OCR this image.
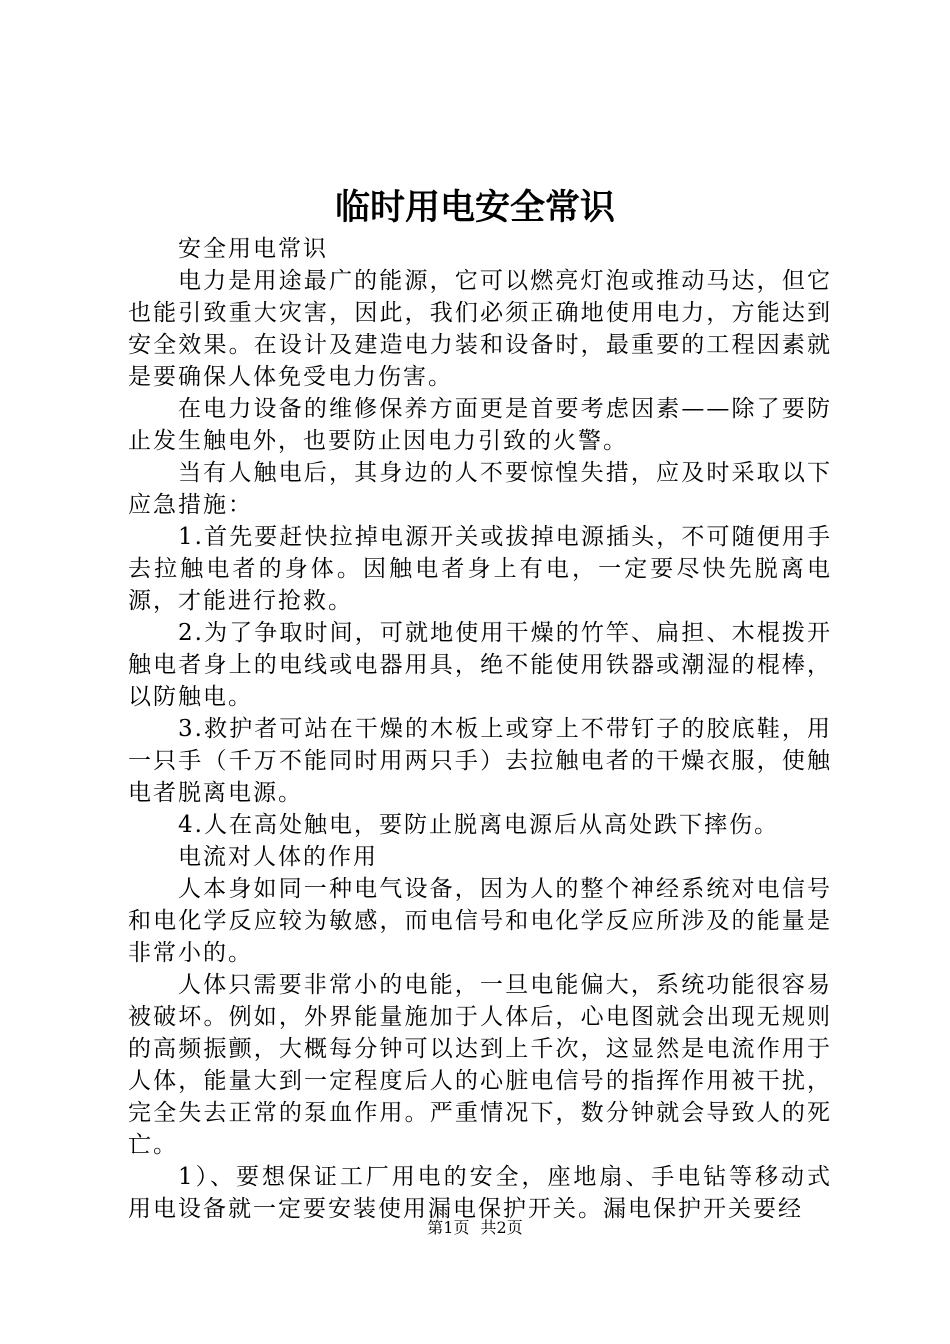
临时用电安全常识

安全用电常识

电力是用途最广的能源，它可以燃亮灯泡或推动马达，但它也能引致重大灾害，因此，我们必须正确地使用电力，方能达到安全效果。在设计及建造电力装和设备时，最重要的工程因素就是要确保人体免受电力伤害。

在电力设备的维修保养方面更是首要考虑因素——除了要防止发生触电外，也要防止因电力引致的火警。

当有人触电后，其身边的人不要惊惶失措，应及时采取以下应急措施：

1.首先要赶快拉掉电源开关或拔掉电源插头，不可随便用手去拉触电者的身体。因触电者身上有电，一定要尽快先脱离电源，才能进行抢救。

2.为了争取时间，可就地使用干燥的竹竿、扁担、木棍拨开触电者身上的电线或电器用具，绝不能使用铁器或潮湿的棍棒，以防触电。

3.救护者可站在干燥的木板上或穿上不带钉子的胶底鞋，用一只手（千万不能同时用两只手）去拉触电者的干燥衣服，使触电者脱离电源。

4.人在高处触电，要防止脱离电源后从高处跌下摔伤。

电流对人体的作用

人本身如同一种电气设备，因为人的整个神经系统对电信号和电化学反应较为敏感，而电信号和电化学反应所涉及的能量是非常小的。

人体只需要非常小的电能，一旦电能偏大，系统功能很容易被破坏。例如，外界能量施加于人体后，心电图就会出现无规则的高频振颤，大概每分钟可以达到上千次，这显然是电流作用于人体，能量大到一定程度后人的心脏电信号的指挥作用被干扰，完全失去正常的泵血作用。严重情况下，数分钟就会导致人的死亡。

1）、要想保证工厂用电的安全，座地扇、手电钻等移动式用电设备就一定要安装使用漏电保护开关。漏电保护开关要经

第1页 共2页
